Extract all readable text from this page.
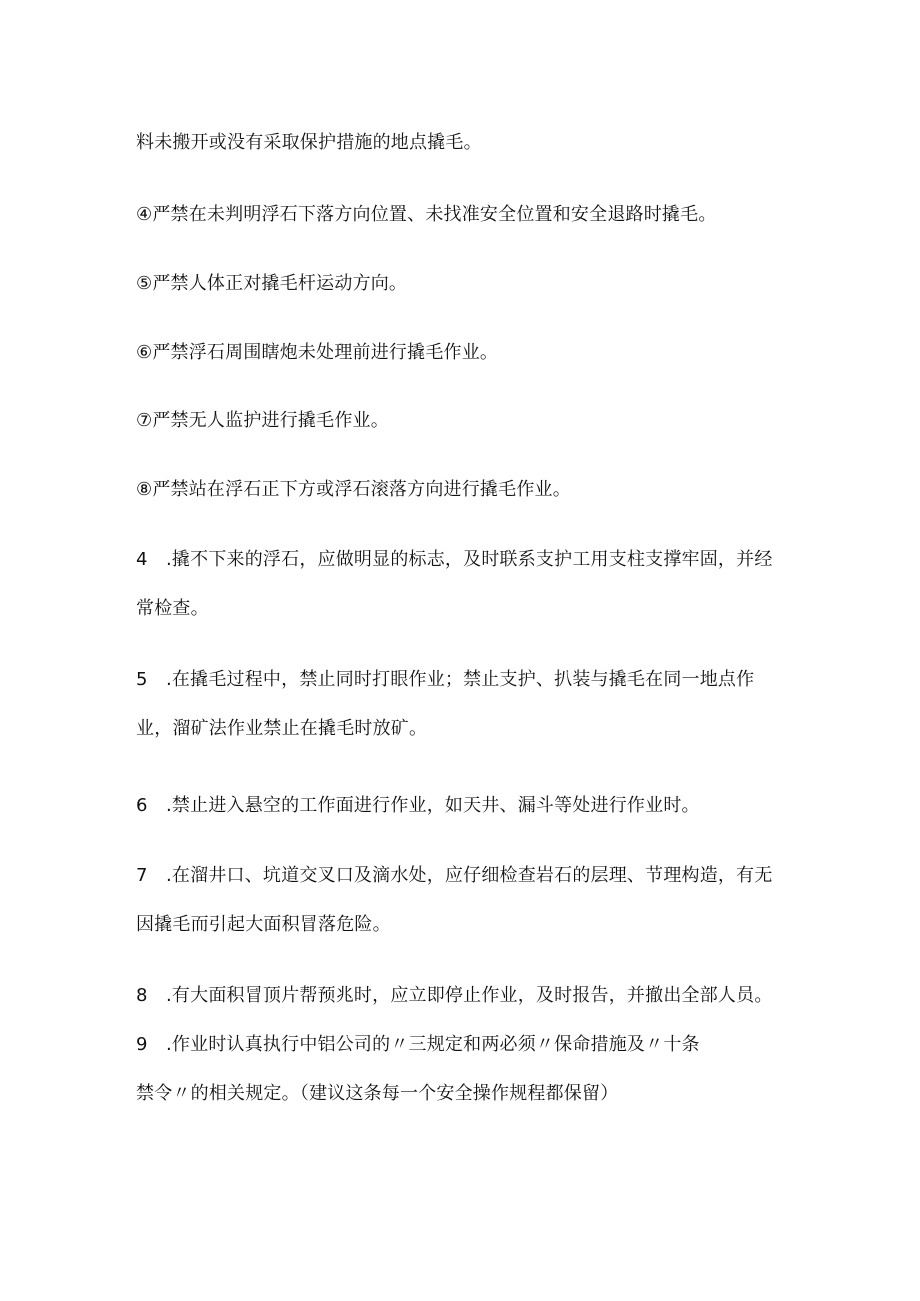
料未搬开或没有采取保护措施的地点撬毛。
④严禁在未判明浮石下落方向位置、未找准安全位置和安全退路时撬毛。
⑤严禁人体正对撬毛杆运动方向。
⑥严禁浮石周围瞎炮未处理前进行撬毛作业。
⑦严禁无人监护进行撬毛作业。
⑧严禁站在浮石正下方或浮石滚落方向进行撬毛作业。
4 .撬不下来的浮石，应做明显的标志，及时联系支护工用支柱支撑牢固，并经
常检查。
5 .在撬毛过程中，禁止同时打眼作业；禁止支护、扒装与撬毛在同一地点作
业，溜矿法作业禁止在撬毛时放矿。
6 .禁止进入悬空的工作面进行作业，如天井、漏斗等处进行作业时。
7 .在溜井口、坑道交叉口及滴水处，应仔细检查岩石的层理、节理构造，有无
因撬毛而引起大面积冒落危险。
8 .有大面积冒顶片帮预兆时，应立即停止作业，及时报告，并撤出全部人员。
9 .作业时认真执行中铝公司的〃三规定和两必须〃保命措施及〃十条
禁令〃的相关规定。（建议这条每一个安全操作规程都保留）
